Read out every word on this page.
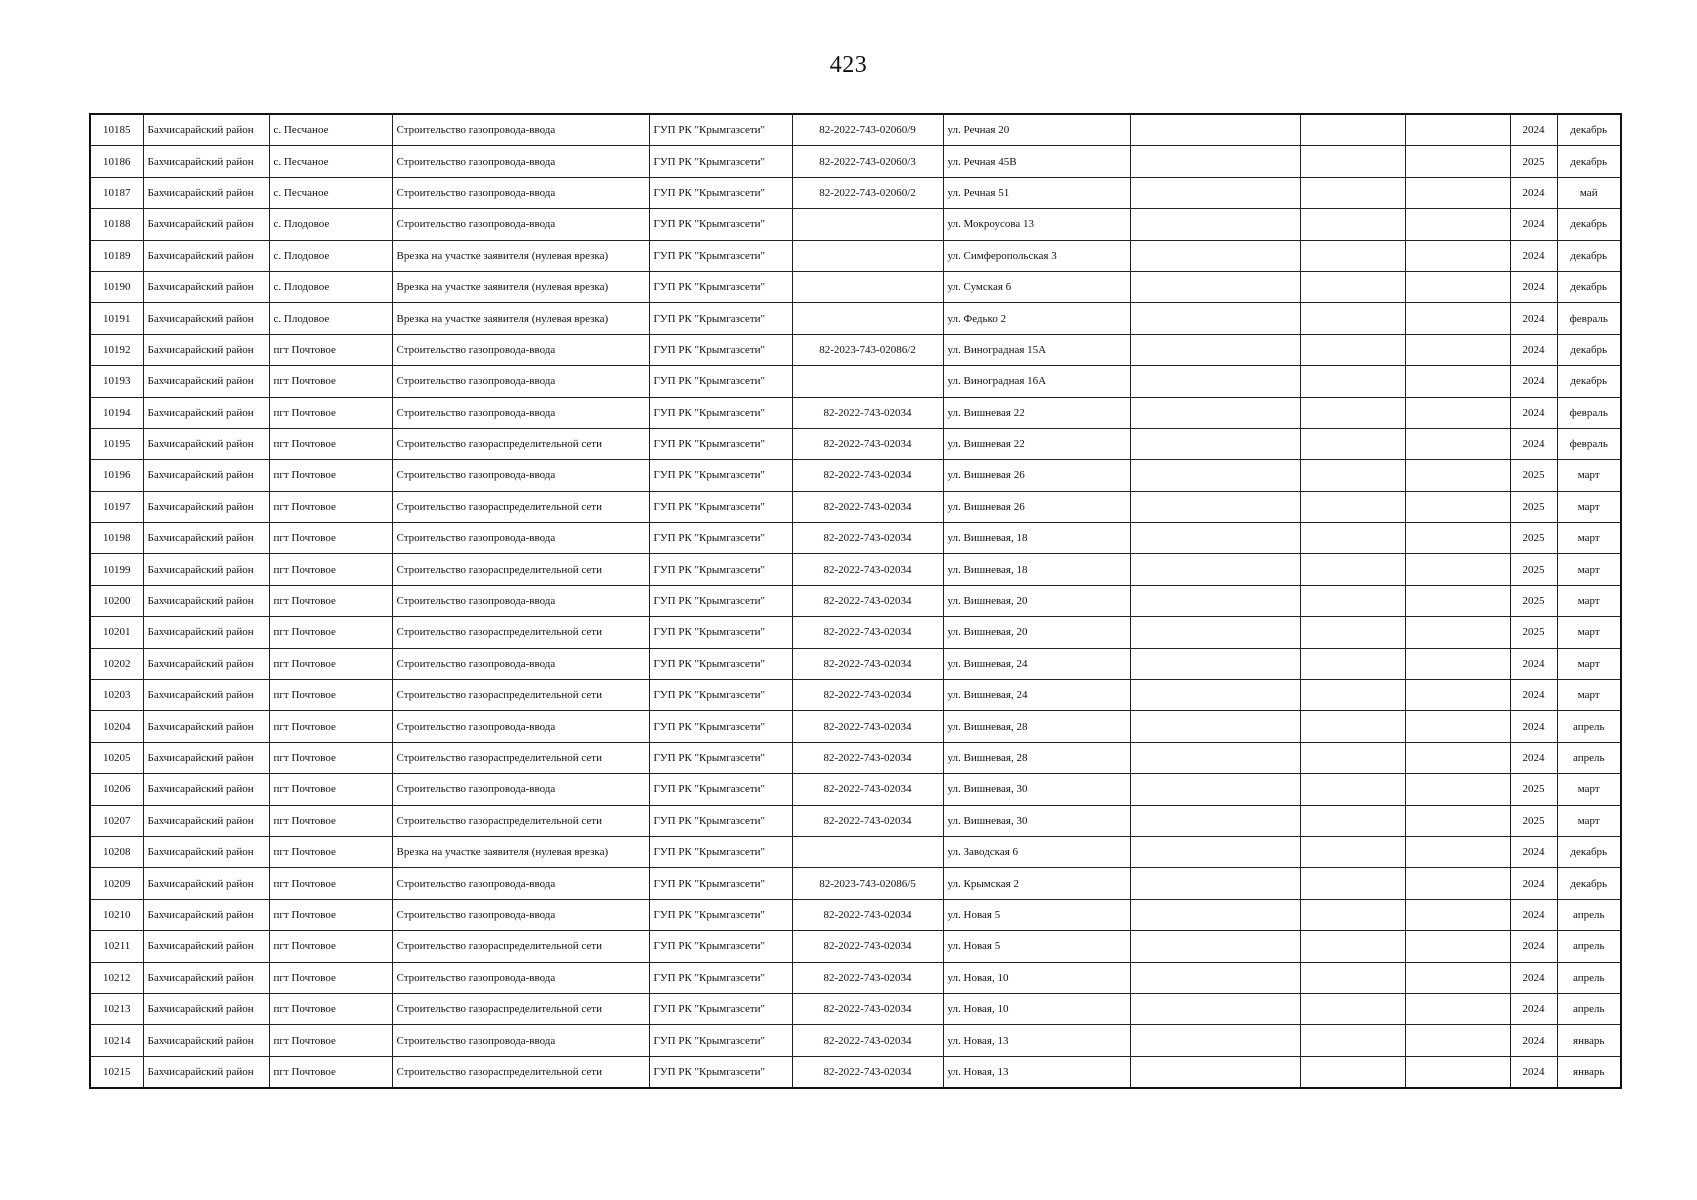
423
10185	Бахчисарайский район	с. Песчаное	Строительство газопровода-ввода	ГУП РК "Крымгазсети"	82-2022-743-02060/9	ул. Речная 20				2024	декабрь
10186	Бахчисарайский район	с. Песчаное	Строительство газопровода-ввода	ГУП РК "Крымгазсети"	82-2022-743-02060/3	ул. Речная 45В				2025	декабрь
10187	Бахчисарайский район	с. Песчаное	Строительство газопровода-ввода	ГУП РК "Крымгазсети"	82-2022-743-02060/2	ул. Речная 51				2024	май
10188	Бахчисарайский район	с. Плодовое	Строительство газопровода-ввода	ГУП РК "Крымгазсети"		ул. Мокроусова 13				2024	декабрь
10189	Бахчисарайский район	с. Плодовое	Врезка на участке заявителя (нулевая врезка)	ГУП РК "Крымгазсети"		ул. Симферопольская 3				2024	декабрь
10190	Бахчисарайский район	с. Плодовое	Врезка на участке заявителя (нулевая врезка)	ГУП РК "Крымгазсети"		ул. Сумская 6				2024	декабрь
10191	Бахчисарайский район	с. Плодовое	Врезка на участке заявителя (нулевая врезка)	ГУП РК "Крымгазсети"		ул. Федько 2				2024	февраль
10192	Бахчисарайский район	пгт Почтовое	Строительство газопровода-ввода	ГУП РК "Крымгазсети"	82-2023-743-02086/2	ул. Виноградная 15А				2024	декабрь
10193	Бахчисарайский район	пгт Почтовое	Строительство газопровода-ввода	ГУП РК "Крымгазсети"		ул. Виноградная 16А				2024	декабрь
10194	Бахчисарайский район	пгт Почтовое	Строительство газопровода-ввода	ГУП РК "Крымгазсети"	82-2022-743-02034	ул. Вишневая 22				2024	февраль
10195	Бахчисарайский район	пгт Почтовое	Строительство газораспределительной сети	ГУП РК "Крымгазсети"	82-2022-743-02034	ул. Вишневая 22				2024	февраль
10196	Бахчисарайский район	пгт Почтовое	Строительство газопровода-ввода	ГУП РК "Крымгазсети"	82-2022-743-02034	ул. Вишневая 26				2025	март
10197	Бахчисарайский район	пгт Почтовое	Строительство газораспределительной сети	ГУП РК "Крымгазсети"	82-2022-743-02034	ул. Вишневая 26				2025	март
10198	Бахчисарайский район	пгт Почтовое	Строительство газопровода-ввода	ГУП РК "Крымгазсети"	82-2022-743-02034	ул. Вишневая, 18				2025	март
10199	Бахчисарайский район	пгт Почтовое	Строительство газораспределительной сети	ГУП РК "Крымгазсети"	82-2022-743-02034	ул. Вишневая, 18				2025	март
10200	Бахчисарайский район	пгт Почтовое	Строительство газопровода-ввода	ГУП РК "Крымгазсети"	82-2022-743-02034	ул. Вишневая, 20				2025	март
10201	Бахчисарайский район	пгт Почтовое	Строительство газораспределительной сети	ГУП РК "Крымгазсети"	82-2022-743-02034	ул. Вишневая, 20				2025	март
10202	Бахчисарайский район	пгт Почтовое	Строительство газопровода-ввода	ГУП РК "Крымгазсети"	82-2022-743-02034	ул. Вишневая, 24				2024	март
10203	Бахчисарайский район	пгт Почтовое	Строительство газораспределительной сети	ГУП РК "Крымгазсети"	82-2022-743-02034	ул. Вишневая, 24				2024	март
10204	Бахчисарайский район	пгт Почтовое	Строительство газопровода-ввода	ГУП РК "Крымгазсети"	82-2022-743-02034	ул. Вишневая, 28				2024	апрель
10205	Бахчисарайский район	пгт Почтовое	Строительство газораспределительной сети	ГУП РК "Крымгазсети"	82-2022-743-02034	ул. Вишневая, 28				2024	апрель
10206	Бахчисарайский район	пгт Почтовое	Строительство газопровода-ввода	ГУП РК "Крымгазсети"	82-2022-743-02034	ул. Вишневая, 30				2025	март
10207	Бахчисарайский район	пгт Почтовое	Строительство газораспределительной сети	ГУП РК "Крымгазсети"	82-2022-743-02034	ул. Вишневая, 30				2025	март
10208	Бахчисарайский район	пгт Почтовое	Врезка на участке заявителя (нулевая врезка)	ГУП РК "Крымгазсети"		ул. Заводская 6				2024	декабрь
10209	Бахчисарайский район	пгт Почтовое	Строительство газопровода-ввода	ГУП РК "Крымгазсети"	82-2023-743-02086/5	ул. Крымская 2				2024	декабрь
10210	Бахчисарайский район	пгт Почтовое	Строительство газопровода-ввода	ГУП РК "Крымгазсети"	82-2022-743-02034	ул. Новая 5				2024	апрель
10211	Бахчисарайский район	пгт Почтовое	Строительство газораспределительной сети	ГУП РК "Крымгазсети"	82-2022-743-02034	ул. Новая 5				2024	апрель
10212	Бахчисарайский район	пгт Почтовое	Строительство газопровода-ввода	ГУП РК "Крымгазсети"	82-2022-743-02034	ул. Новая, 10				2024	апрель
10213	Бахчисарайский район	пгт Почтовое	Строительство газораспределительной сети	ГУП РК "Крымгазсети"	82-2022-743-02034	ул. Новая, 10				2024	апрель
10214	Бахчисарайский район	пгт Почтовое	Строительство газопровода-ввода	ГУП РК "Крымгазсети"	82-2022-743-02034	ул. Новая, 13				2024	январь
10215	Бахчисарайский район	пгт Почтовое	Строительство газораспределительной сети	ГУП РК "Крымгазсети"	82-2022-743-02034	ул. Новая, 13				2024	январь
